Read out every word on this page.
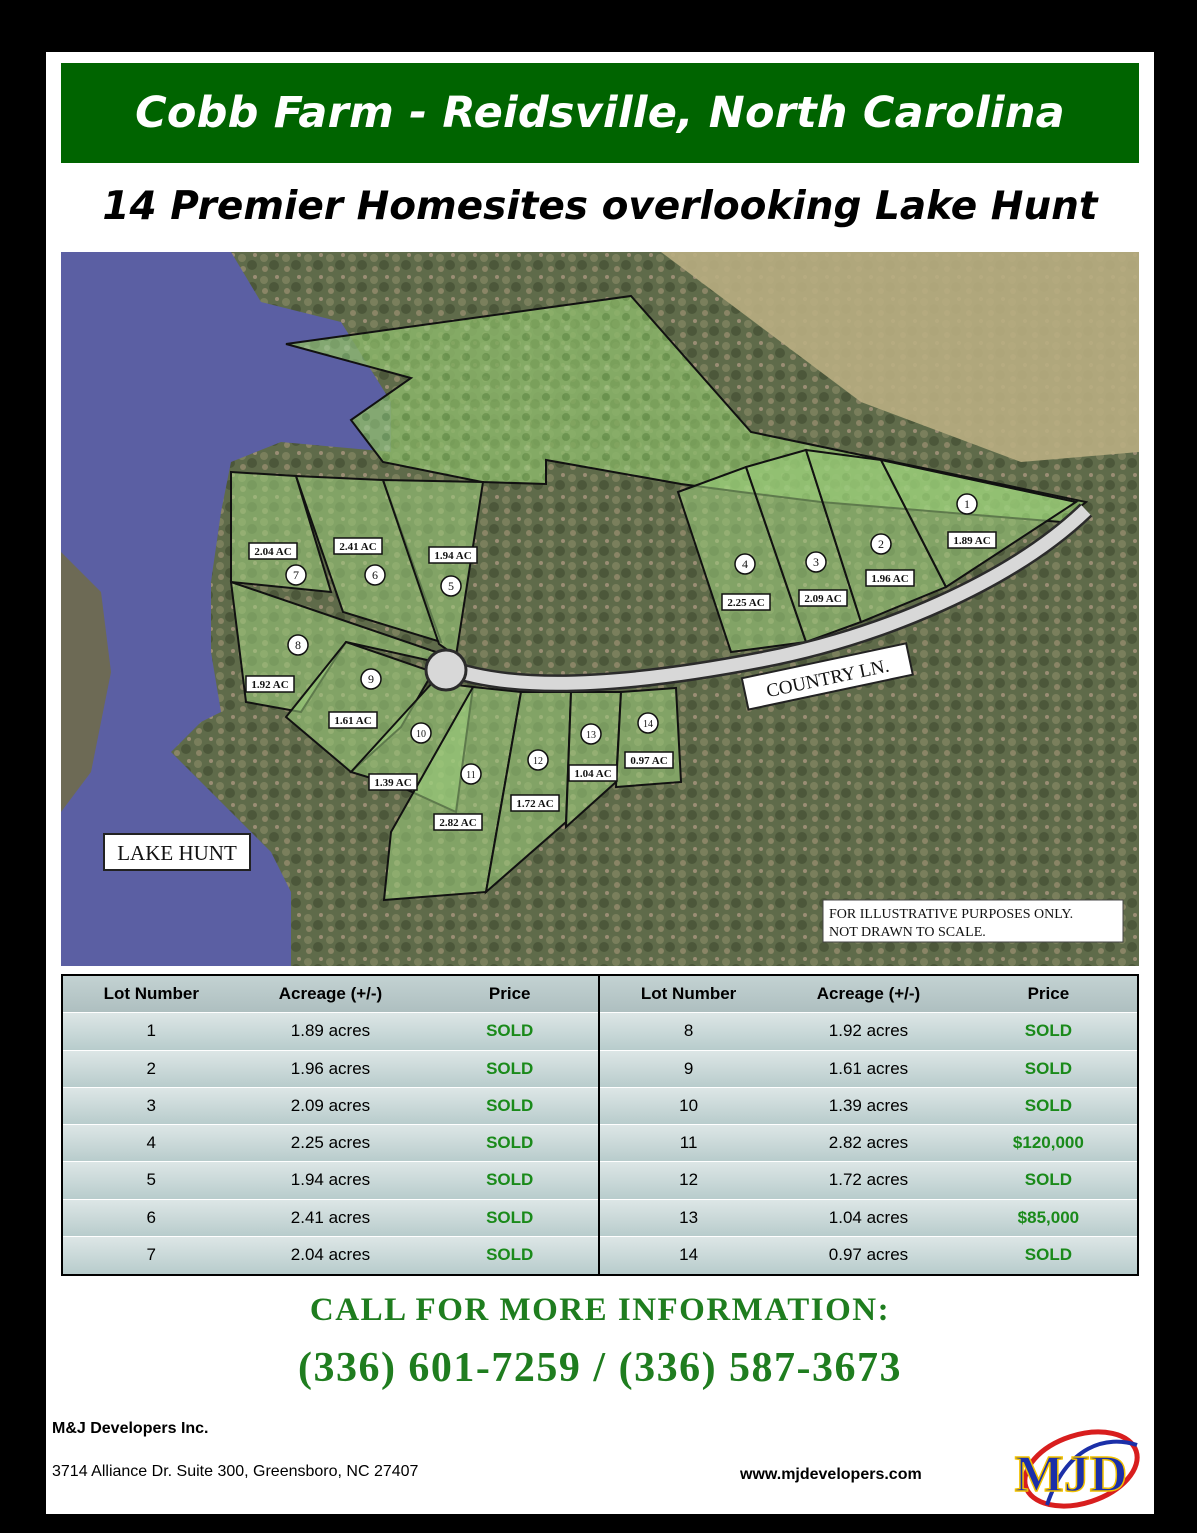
Cobb Farm - Reidsville, North Carolina
14 Premier Homesites overlooking Lake Hunt
COUNTRY LN.
LAKE HUNT
FOR ILLUSTRATIVE PURPOSES ONLY.
NOT DRAWN TO SCALE.
1
1.89 AC
2
1.96 AC
3
2.09 AC
4
2.25 AC
5
1.94 AC
6
2.41 AC
7
2.04 AC
8
1.92 AC	9
1.61 AC
10
1.39 AC
11
2.82 AC
12
1.72 AC
13
1.04 AC
14
0.97 AC
Lot Number	Acreage (+/-)	Price
1	1.89 acres	SOLD
2	1.96 acres	SOLD
3	2.09 acres	SOLD
4	2.25 acres	SOLD
5	1.94 acres	SOLD
6	2.41 acres	SOLD
7	2.04 acres	SOLD
Lot Number	Acreage (+/-)	Price
8	1.92 acres	SOLD
9	1.61 acres	SOLD
10	1.39 acres	SOLD
11	2.82 acres	$120,000
12	1.72 acres	SOLD
13	1.04 acres	$85,000
14	0.97 acres	SOLD
CALL FOR MORE INFORMATION:
(336) 601-7259 / (336) 587-3673
M&J Developers Inc.
3714 Alliance Dr. Suite 300, Greensboro, NC 27407	www.mjdevelopers.com MJD
